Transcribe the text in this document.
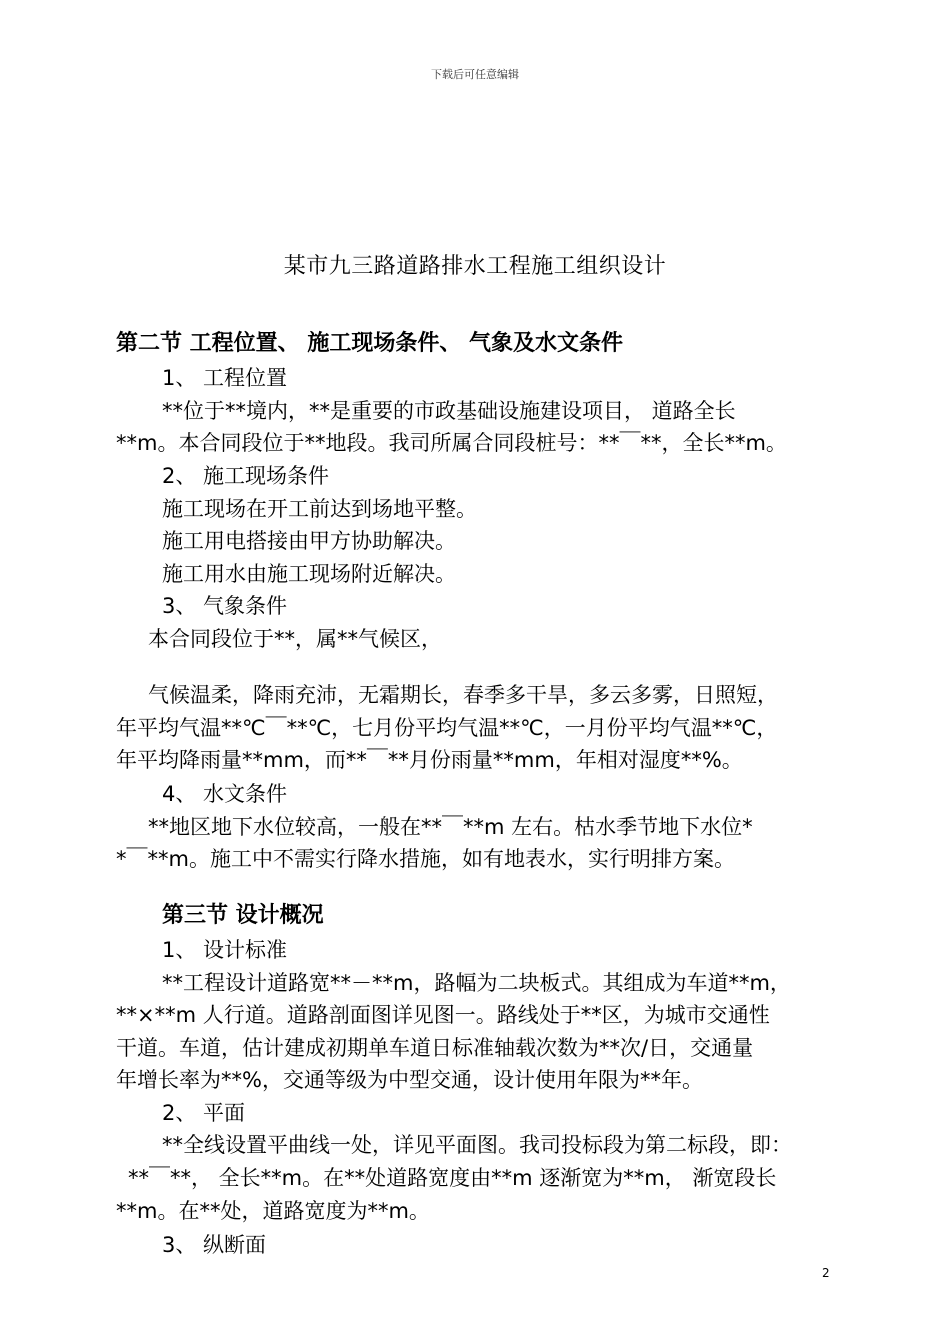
下载后可任意编辑
某市九三路道路排水工程施工组织设计
第二节 工程位置、 施工现场条件、 气象及水文条件
1、 工程位置
**位于**境内，**是重要的市政基础设施建设项目， 道路全长
**m。本合同段位于**地段。我司所属合同段桩号：**￣**，全长**m。
2、 施工现场条件
施工现场在开工前达到场地平整。
施工用电搭接由甲方协助解决。
施工用水由施工现场附近解决。
3、 气象条件
本合同段位于**，属**气候区，
气候温柔，降雨充沛，无霜期长，春季多干旱，多云多雾，日照短，
年平均气温**℃￣**℃，七月份平均气温**℃，一月份平均气温**℃，
年平均降雨量**mm，而**￣**月份雨量**mm，年相对湿度**%。
4、 水文条件
**地区地下水位较高，一般在**￣**m 左右。枯水季节地下水位*
*￣**m。施工中不需实行降水措施，如有地表水，实行明排方案。
第三节 设计概况
1、 设计标准
**工程设计道路宽**－**m，路幅为二块板式。其组成为车道**m，
**×**m 人行道。道路剖面图详见图一。路线处于**区，为城市交通性
干道。车道，估计建成初期单车道日标准轴载次数为**次/日，交通量
年增长率为**%，交通等级为中型交通，设计使用年限为**年。
2、 平面
**全线设置平曲线一处，详见平面图。我司投标段为第二标段，即：
**￣**， 全长**m。在**处道路宽度由**m 逐渐宽为**m， 渐宽段长
**m。在**处，道路宽度为**m。
3、 纵断面
2
